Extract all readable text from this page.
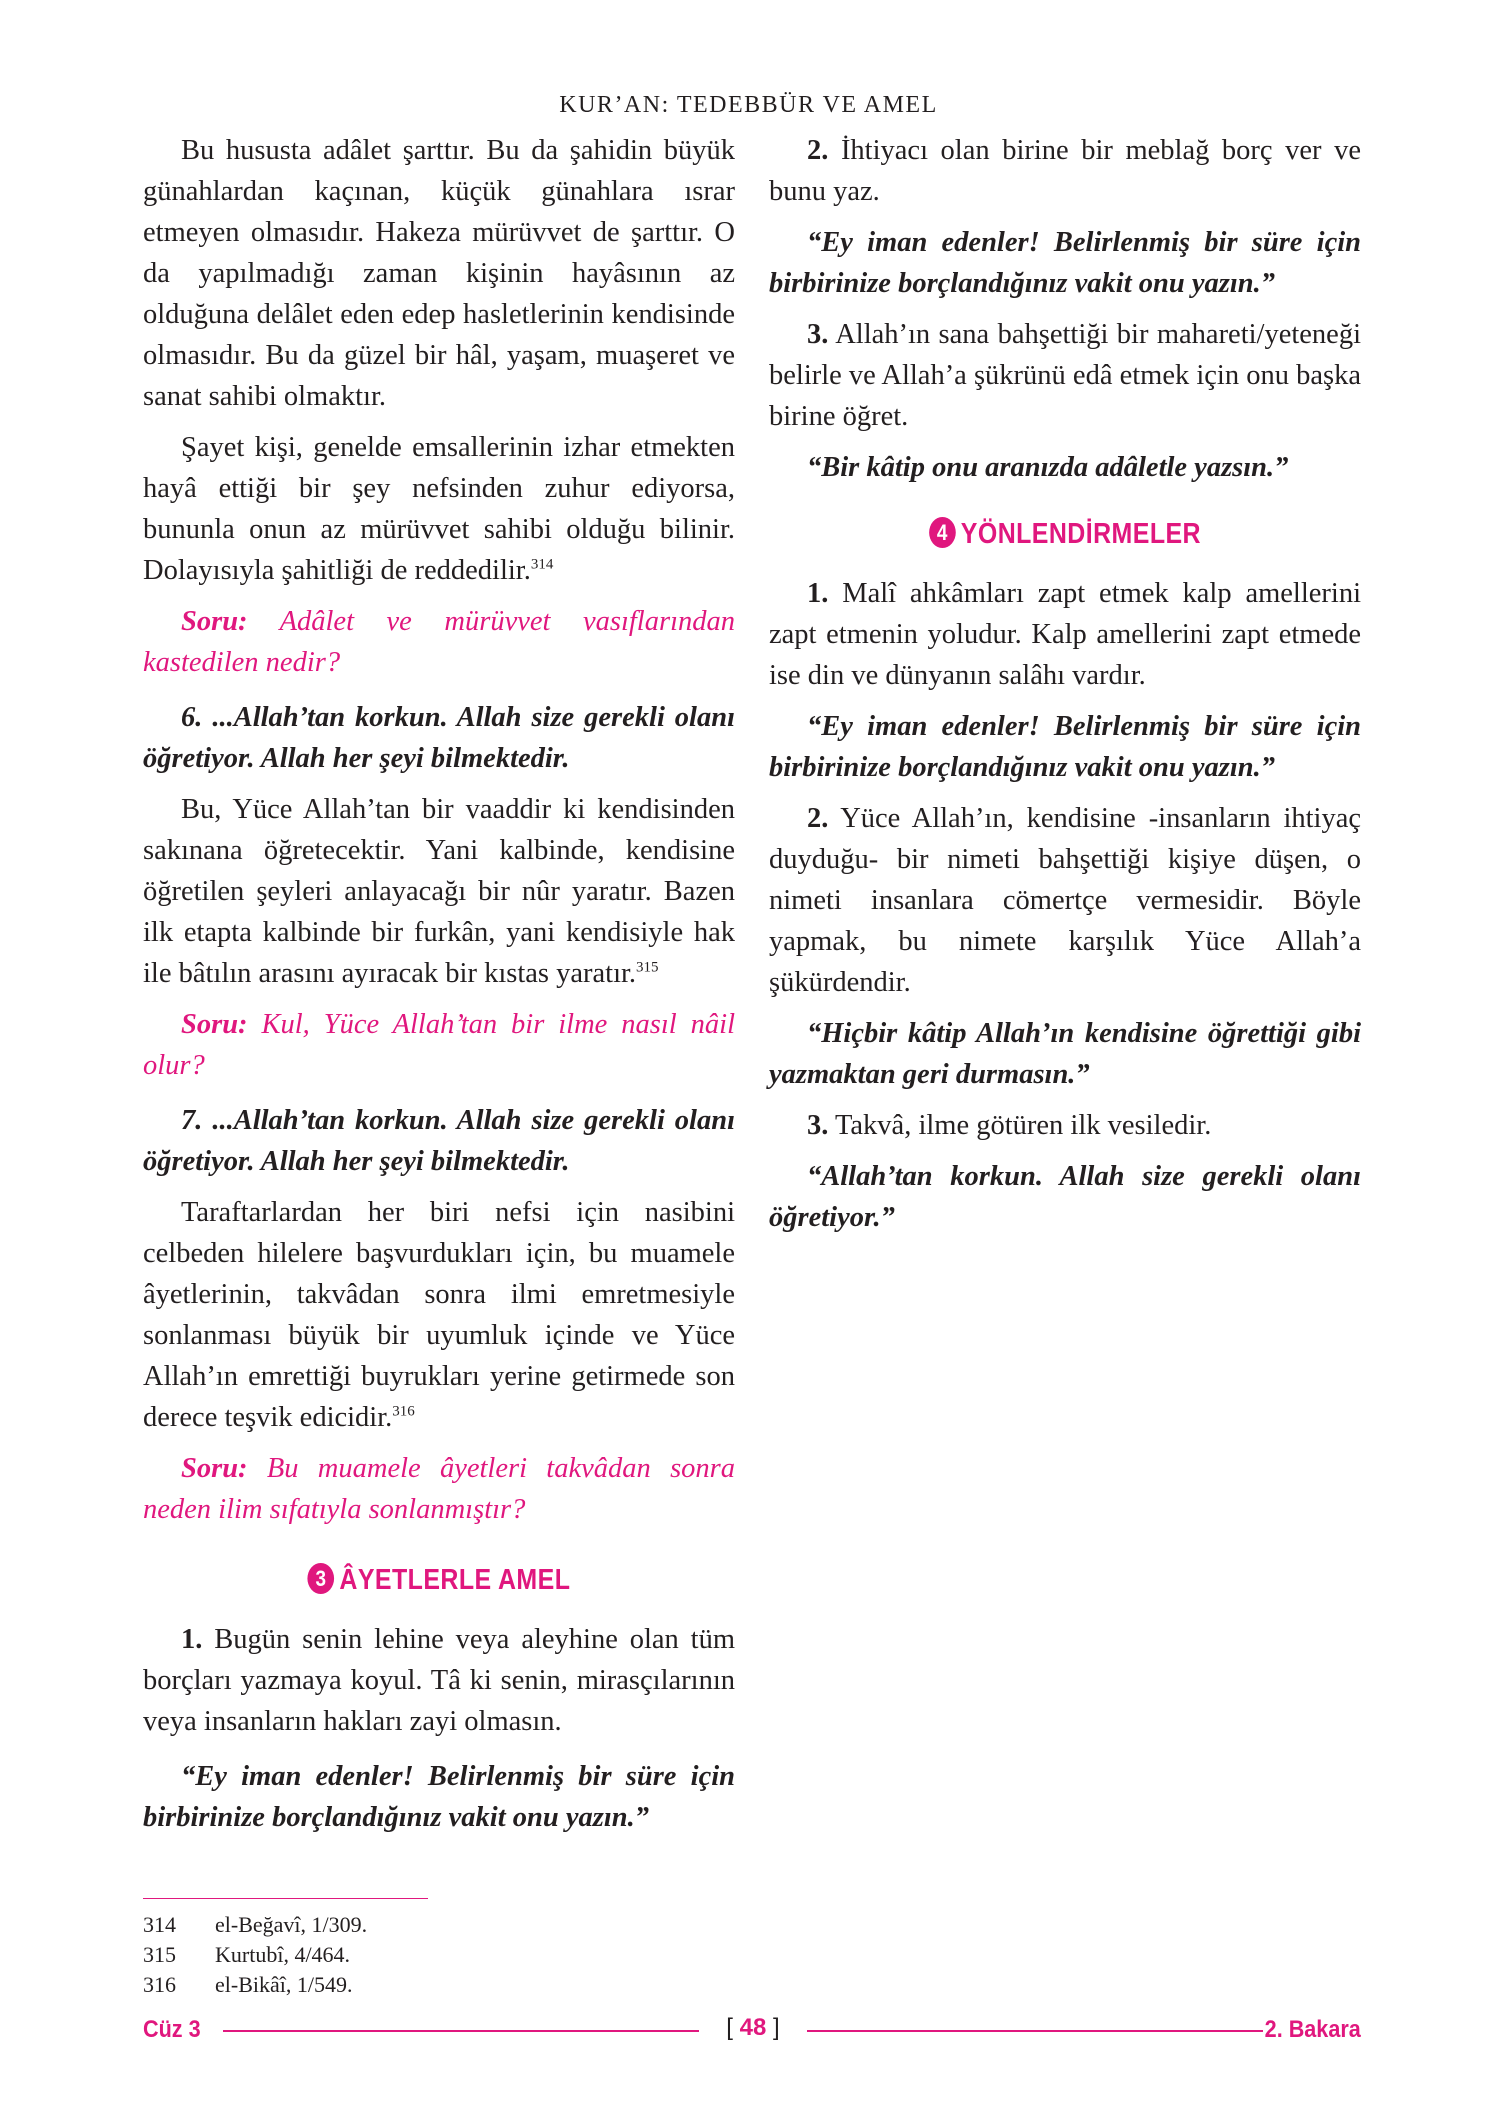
KUR’AN: TEDEBBÜR VE AMEL

Bu hususta adâlet şarttır. Bu da şahidin büyük günahlardan kaçınan, küçük günahlara ısrar etmeyen olmasıdır. Hakeza mürüvvet de şarttır. O da yapılmadığı zaman kişinin hayâsının az olduğuna delâlet eden edep hasletlerinin kendisinde olmasıdır. Bu da güzel bir hâl, yaşam, muaşeret ve sanat sahibi olmaktır.

Şayet kişi, genelde emsallerinin izhar etmekten hayâ ettiği bir şey nefsinden zuhur ediyorsa, bununla onun az mürüvvet sahibi olduğu bilinir. Dolayısıyla şahitliği de reddedilir.$^{314}$

Soru: Adâlet ve mürüvvet vasıflarından kastedilen nedir?

6. ...Allah’tan korkun. Allah size gerekli olanı öğretiyor. Allah her şeyi bilmektedir.

Bu, Yüce Allah’tan bir vaaddir ki kendisinden sakınana öğretecektir. Yani kalbinde, kendisine öğretilen şeyleri anlayacağı bir nûr yaratır. Bazen ilk etapta kalbinde bir furkân, yani kendisiyle hak ile bâtılın arasını ayıracak bir kıstas yaratır.$^{315}$

Soru: Kul, Yüce Allah’tan bir ilme nasıl nâil olur?

7. ...Allah’tan korkun. Allah size gerekli olanı öğretiyor. Allah her şeyi bilmektedir.

Taraftarlardan her biri nefsi için nasibini celbeden hilelere başvurdukları için, bu muamele âyetlerinin, takvâdan sonra ilmi emretmesiyle sonlanması büyük bir uyumluk içinde ve Yüce Allah’ın emrettiği buyrukları yerine getirmede son derece teşvik edicidir.$^{316}$

Soru: Bu muamele âyetleri takvâdan sonra neden ilim sıfatıyla sonlanmıştır?

3 ÂYETLERLE AMEL

1. Bugün senin lehine veya aleyhine olan tüm borçları yazmaya koyul. Tâ ki senin, mirasçılarının veya insanların hakları zayi olmasın.

“Ey iman edenler! Belirlenmiş bir süre için birbirinize borçlandığınız vakit onu yazın.”

2. İhtiyacı olan birine bir meblağ borç ver ve bunu yaz.

“Ey iman edenler! Belirlenmiş bir süre için birbirinize borçlandığınız vakit onu yazın.”

3. Allah’ın sana bahşettiği bir mahareti/yeteneği belirle ve Allah’a şükrünü edâ etmek için onu başka birine öğret.

“Bir kâtip onu aranızda adâletle yazsın.”

4 YÖNLENDİRMELER

1. Malî ahkâmları zapt etmek kalp amellerini zapt etmenin yoludur. Kalp amellerini zapt etmede ise din ve dünyanın salâhı vardır.

“Ey iman edenler! Belirlenmiş bir süre için birbirinize borçlandığınız vakit onu yazın.”

2. Yüce Allah’ın, kendisine -insanların ihtiyaç duyduğu- bir nimeti bahşettiği kişiye düşen, o nimeti insanlara cömertçe vermesidir. Böyle yapmak, bu nimete karşılık Yüce Allah’a şükürdendir.

“Hiçbir kâtip Allah’ın kendisine öğrettiği gibi yazmaktan geri durmasın.”

3. Takvâ, ilme götüren ilk vesiledir.

“Allah’tan korkun. Allah size gerekli olanı öğretiyor.”

314	el-Beğavî, 1/309.
315	Kurtubî, 4/464.
316	el-Bikâî, 1/549.
Cüz 3	[ 48 ]	2. Bakara
